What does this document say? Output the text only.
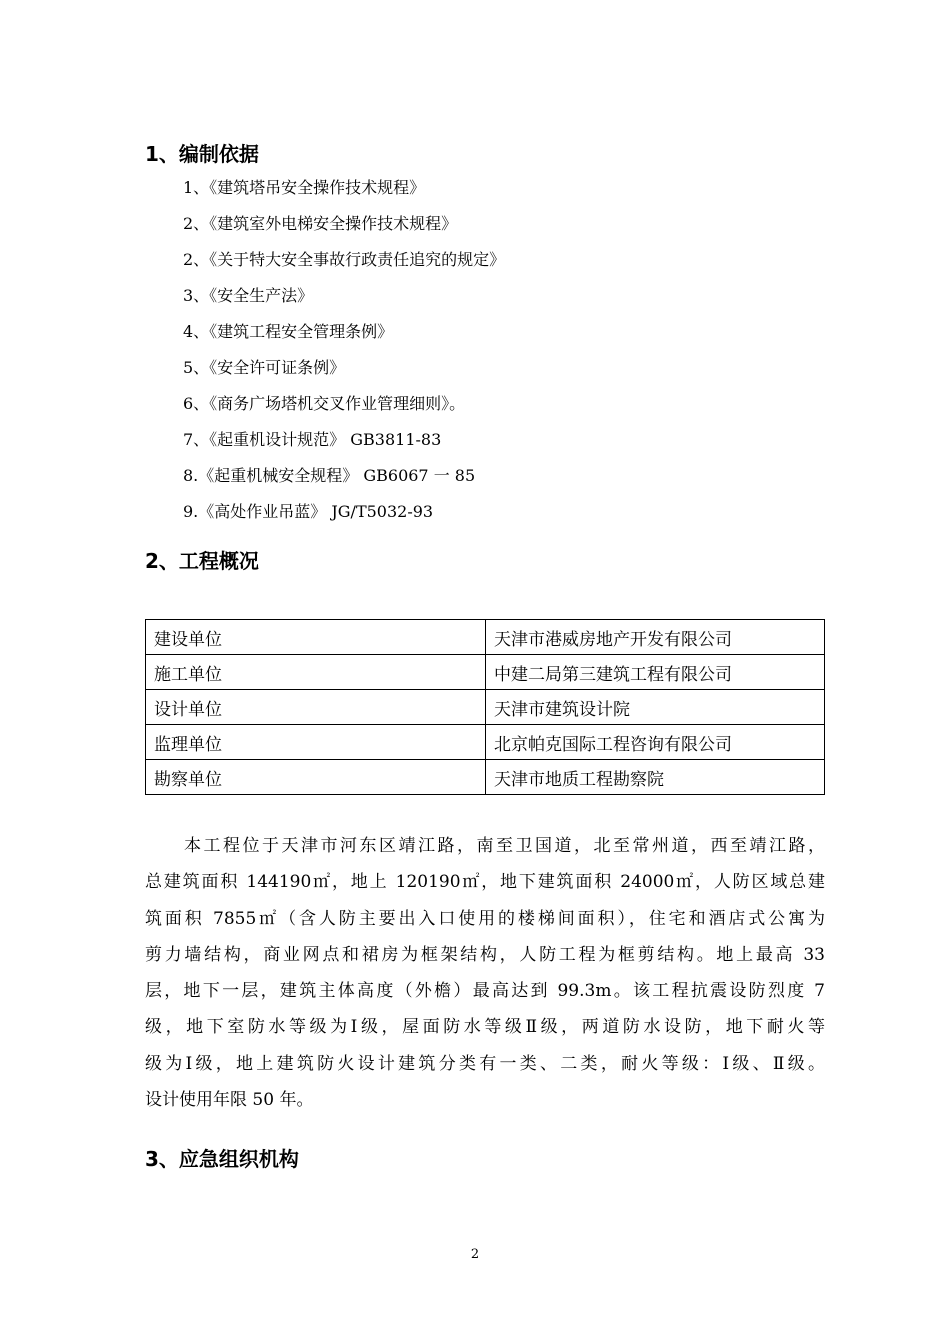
1、编制依据
1、《建筑塔吊安全操作技术规程》
2、《建筑室外电梯安全操作技术规程》
2、《关于特大安全事故行政责任追究的规定》
3、《安全生产法》
4、《建筑工程安全管理条例》
5、《安全许可证条例》
6、《商务广场塔机交叉作业管理细则》。
7、《起重机设计规范》 GB3811-83
8.《起重机械安全规程》 GB6067 一 85
9.《高处作业吊蓝》 JG/T5032-93
2、工程概况
建设单位	天津市港威房地产开发有限公司
施工单位	中建二局第三建筑工程有限公司
设计单位	天津市建筑设计院
监理单位	北京帕克国际工程咨询有限公司
勘察单位	天津市地质工程勘察院
　　本工程位于天津市河东区靖江路，南至卫国道，北至常州道，西至靖江路，
总建筑面积 144190㎡，地上 120190㎡，地下建筑面积 24000㎡，人防区域总建
筑面积 7855㎡（含人防主要出入口使用的楼梯间面积），住宅和酒店式公寓为
剪力墙结构，商业网点和裙房为框架结构，人防工程为框剪结构。地上最高 33
层，地下一层，建筑主体高度（外檐）最高达到 99.3m。该工程抗震设防烈度 7
级，地下室防水等级为Ⅰ级，屋面防水等级Ⅱ级，两道防水设防，地下耐火等
级为Ⅰ级，地上建筑防火设计建筑分类有一类、二类，耐火等级：Ⅰ级、Ⅱ级。
设计使用年限 50 年。
3、应急组织机构
2
